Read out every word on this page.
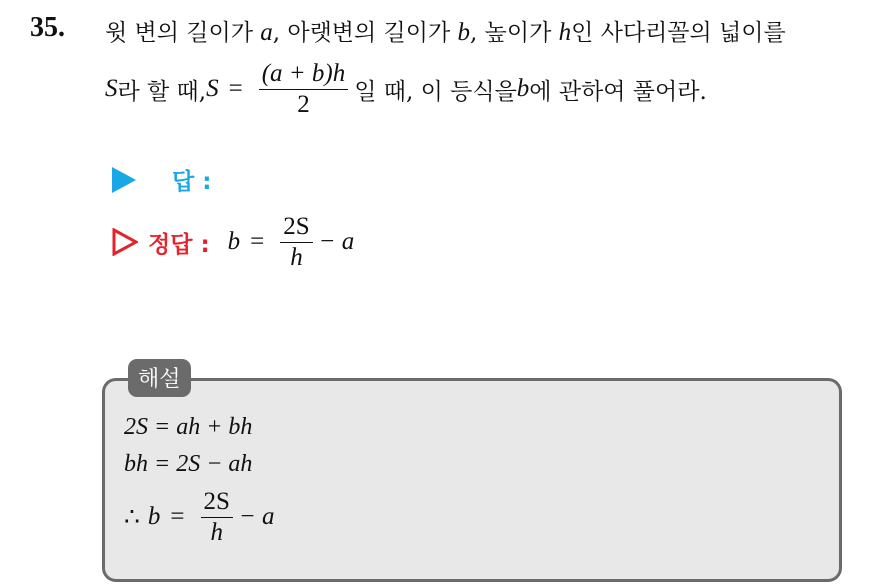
35. 윗 변의 길이가 a, 아랫변의 길이가 b, 높이가 h인 사다리꼴의 넓이를
S 라 할 때, $S = \frac{(a + b)h}{2}$ 일 때, 이 등식을 b 에 관하여 풀어라.
답 :
정답 : $b = \frac{2S}{h} - a$
해설
2S = ah + bh
bh = 2S − ah
∴ $b = \frac{2S}{h} - a$
